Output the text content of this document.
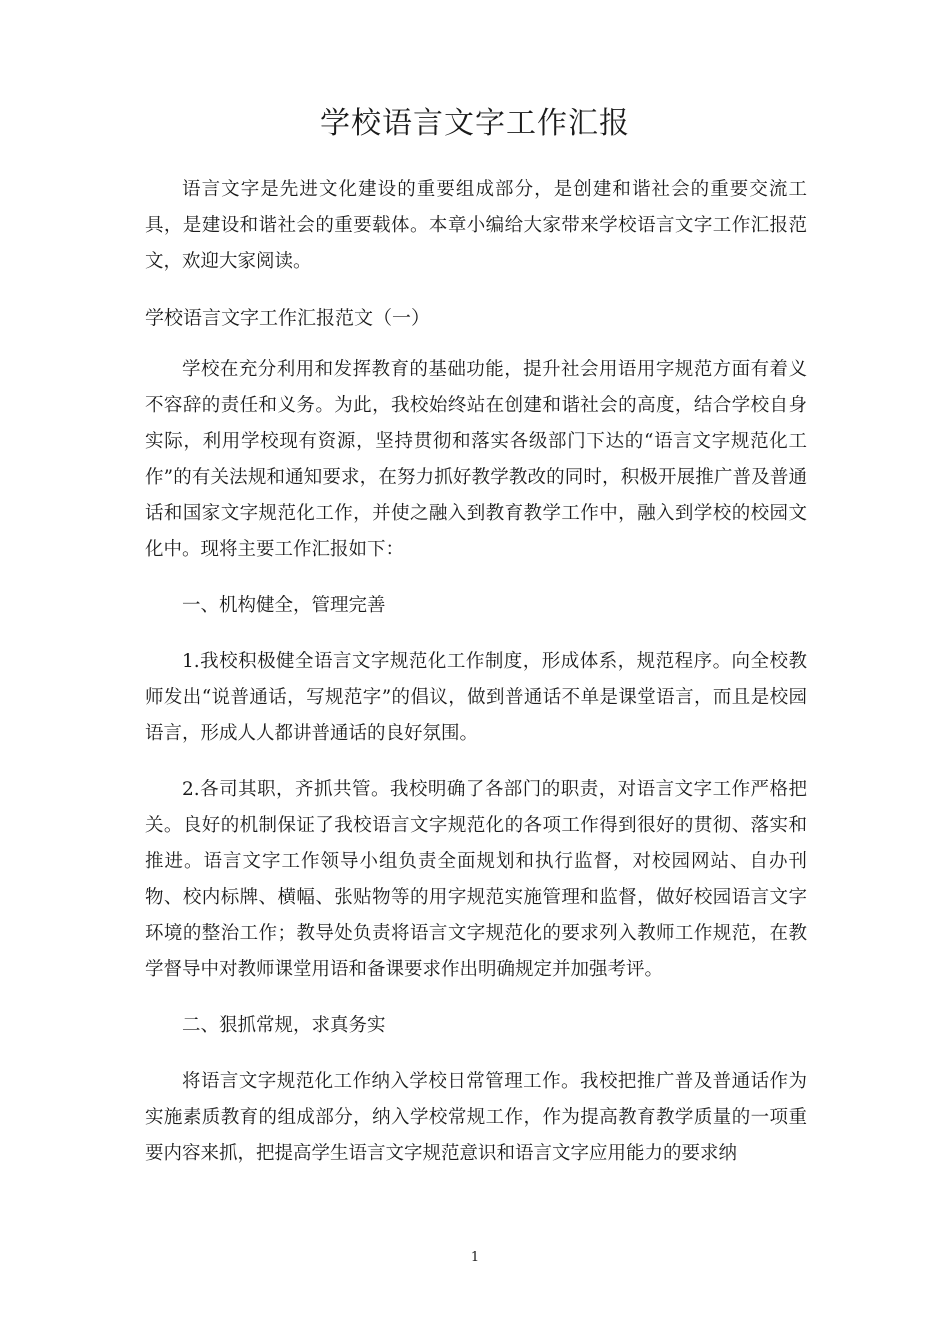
学校语言文字工作汇报

语言文字是先进文化建设的重要组成部分，是创建和谐社会的重要交流工具，是建设和谐社会的重要载体。本章小编给大家带来学校语言文字工作汇报范文，欢迎大家阅读。

学校语言文字工作汇报范文（一）

学校在充分利用和发挥教育的基础功能，提升社会用语用字规范方面有着义不容辞的责任和义务。为此，我校始终站在创建和谐社会的高度，结合学校自身实际，利用学校现有资源，坚持贯彻和落实各级部门下达的“语言文字规范化工作”的有关法规和通知要求，在努力抓好教学教改的同时，积极开展推广普及普通话和国家文字规范化工作，并使之融入到教育教学工作中，融入到学校的校园文化中。现将主要工作汇报如下：

一、机构健全，管理完善

1.我校积极健全语言文字规范化工作制度，形成体系，规范程序。向全校教师发出“说普通话，写规范字”的倡议，做到普通话不单是课堂语言，而且是校园语言，形成人人都讲普通话的良好氛围。

2.各司其职，齐抓共管。我校明确了各部门的职责，对语言文字工作严格把关。良好的机制保证了我校语言文字规范化的各项工作得到很好的贯彻、落实和推进。语言文字工作领导小组负责全面规划和执行监督，对校园网站、自办刊物、校内标牌、横幅、张贴物等的用字规范实施管理和监督，做好校园语言文字环境的整治工作；教导处负责将语言文字规范化的要求列入教师工作规范，在教学督导中对教师课堂用语和备课要求作出明确规定并加强考评。

二、狠抓常规，求真务实

将语言文字规范化工作纳入学校日常管理工作。我校把推广普及普通话作为实施素质教育的组成部分，纳入学校常规工作，作为提高教育教学质量的一项重要内容来抓，把提高学生语言文字规范意识和语言文字应用能力的要求纳

1
